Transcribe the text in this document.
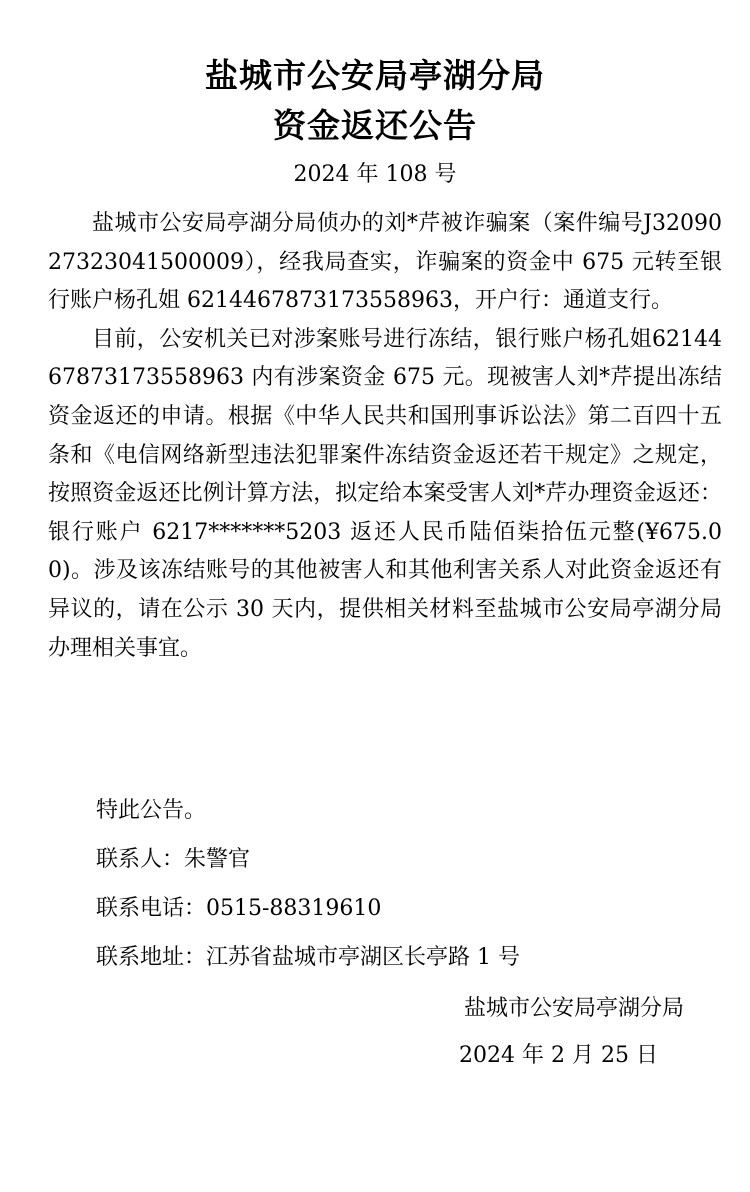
盐城市公安局亭湖分局
资金返还公告
2024 年 108 号

盐城市公安局亭湖分局侦办的刘*芹被诈骗案（案件编号J3209027323041500009），经我局查实，诈骗案的资金中 675 元转至银行账户杨孔姐 6214467873173558963，开户行：通道支行。

目前，公安机关已对涉案账号进行冻结，银行账户杨孔姐6214467873173558963 内有涉案资金 675 元。现被害人刘*芹提出冻结资金返还的申请。根据《中华人民共和国刑事诉讼法》第二百四十五条和《电信网络新型违法犯罪案件冻结资金返还若干规定》之规定，按照资金返还比例计算方法，拟定给本案受害人刘*芹办理资金返还：银行账户 6217*******5203 返还人民币陆佰柒拾伍元整(¥675.00)。涉及该冻结账号的其他被害人和其他利害关系人对此资金返还有异议的，请在公示 30 天内，提供相关材料至盐城市公安局亭湖分局办理相关事宜。

特此公告。
联系人：朱警官
联系电话：0515-88319610
联系地址：江苏省盐城市亭湖区长亭路 1 号
盐城市公安局亭湖分局
2024 年 2 月 25 日
